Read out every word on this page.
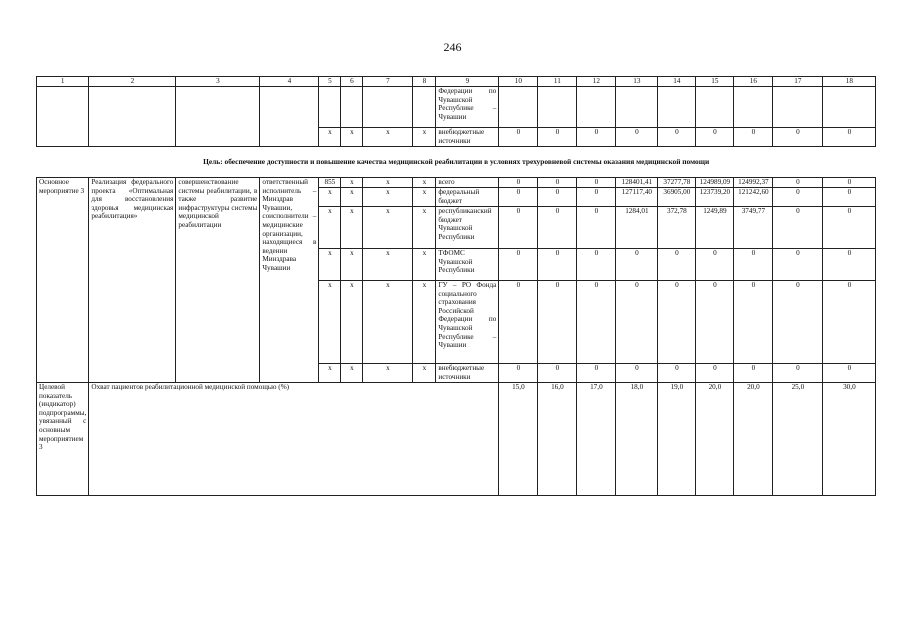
246
1	2	3	4	5	6	7	8	9	10	11	12	13	14	15	16	17	18
								Федерации по Чувашской Республике – Чувашии									
				x	x	x	x	внебюджетные источники	0	0	0	0	0	0	0	0	0
Цель: обеспечение доступности и повышение качества медицинской реабилитации в условиях трехуровневой системы оказания медицинской помощи																	
Основное мероприятие 3	Реализация федерального проекта «Оптимальная для восстановления здоровья медицинская реабилитация»	совершенствование системы реабилитации, в также развитие инфраструктуры системы медицинской реабилитации	ответственный исполнитель – Минздрав Чувашии, соисполнители – медицинские организации, находящиеся в ведении Минздрава Чувашии	855	x	x	x	всего	0	0	0	128401,41	37277,78	124989,09	124992,37	0	0
				x	x	x	x	федеральный бюджет	0	0	0	127117,40	36905,00	123739,20	121242,60	0	0
				x	x	x	x	республиканский бюджет Чувашской Республики	0	0	0	1284,01	372,78	1249,89	3749,77	0	0
				x	x	x	x	ТФОМС Чувашской Республики	0	0	0	0	0	0	0	0	0
				x	x	x	x	ГУ – РО Фонда социального страхования Российской Федерации по Чувашской Республике – Чувашии	0	0	0	0	0	0	0	0	0
				x	x	x	x	внебюджетные источники	0	0	0	0	0	0	0	0	0
Целевой показатель (индикатор) подпрограммы, увязанный с основным мероприятием 3	Охват пациентов реабилитационной медицинской помощью (%)								15,0	16,0	17,0	18,0	19,0	20,0	20,0	25,0	30,0
